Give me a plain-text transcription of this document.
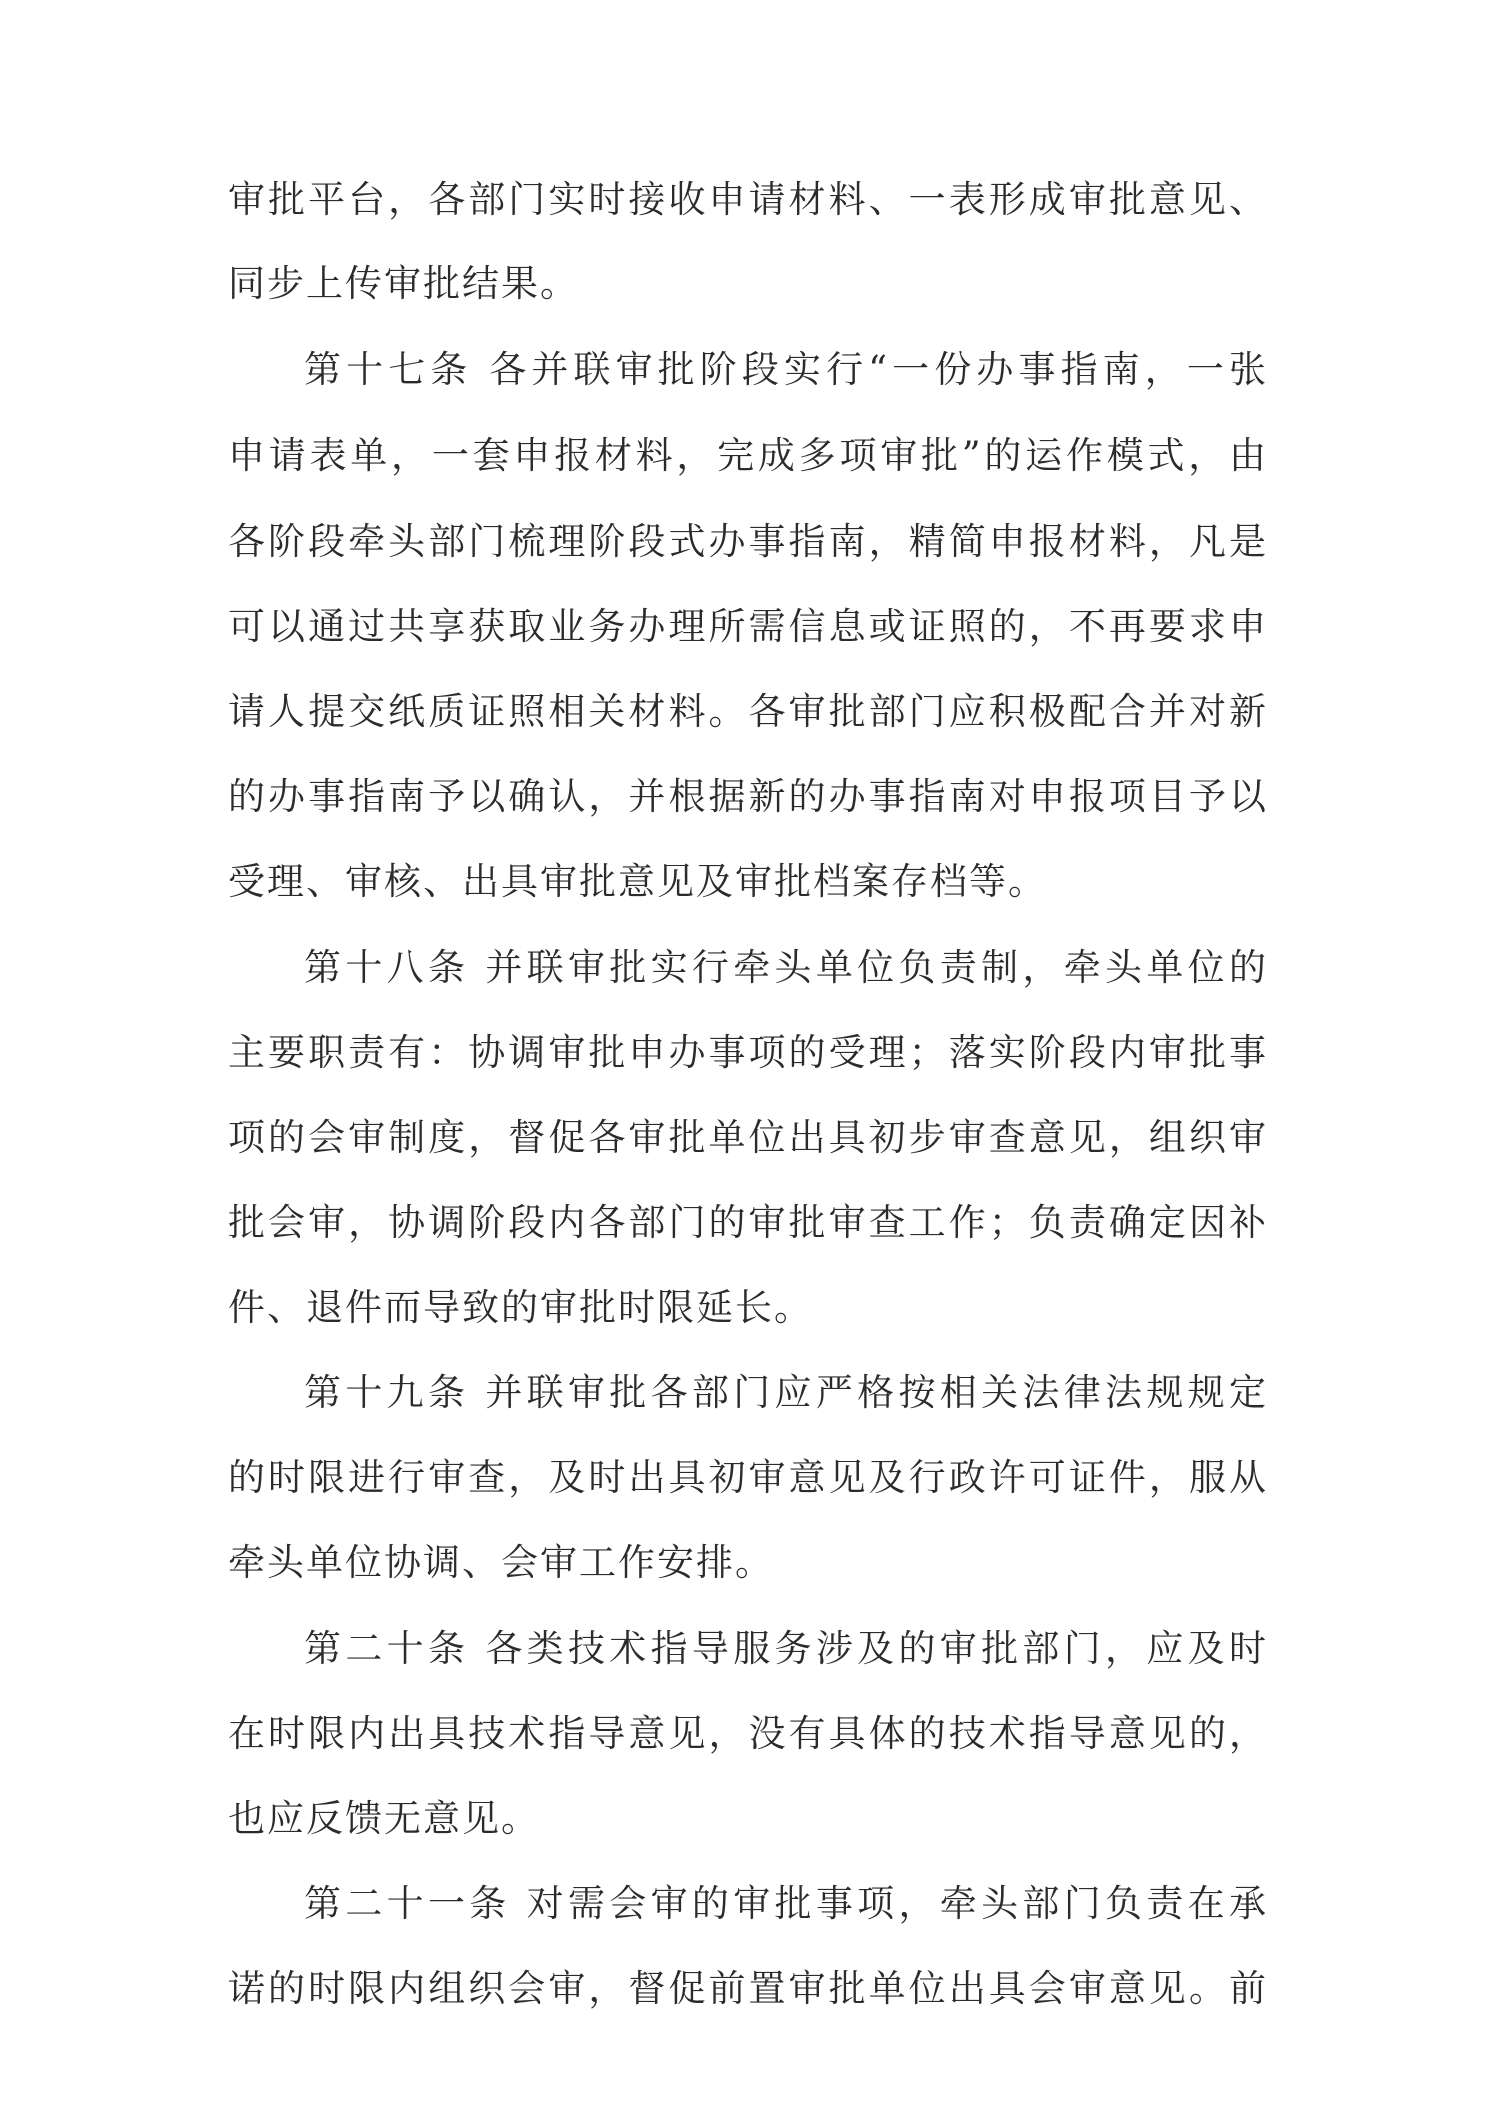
审批平台，各部门实时接收申请材料、一表形成审批意见、

同步上传审批结果。

第十七条 各并联审批阶段实行“一份办事指南，一张

申请表单，一套申报材料，完成多项审批”的运作模式，由

各阶段牵头部门梳理阶段式办事指南，精简申报材料，凡是

可以通过共享获取业务办理所需信息或证照的，不再要求申

请人提交纸质证照相关材料。各审批部门应积极配合并对新

的办事指南予以确认，并根据新的办事指南对申报项目予以

受理、审核、出具审批意见及审批档案存档等。

第十八条 并联审批实行牵头单位负责制，牵头单位的

主要职责有：协调审批申办事项的受理；落实阶段内审批事

项的会审制度，督促各审批单位出具初步审查意见，组织审

批会审，协调阶段内各部门的审批审查工作；负责确定因补

件、退件而导致的审批时限延长。

第十九条 并联审批各部门应严格按相关法律法规规定

的时限进行审查，及时出具初审意见及行政许可证件，服从

牵头单位协调、会审工作安排。

第二十条 各类技术指导服务涉及的审批部门，应及时

在时限内出具技术指导意见，没有具体的技术指导意见的，

也应反馈无意见。

第二十一条 对需会审的审批事项，牵头部门负责在承

诺的时限内组织会审，督促前置审批单位出具会审意见。前
